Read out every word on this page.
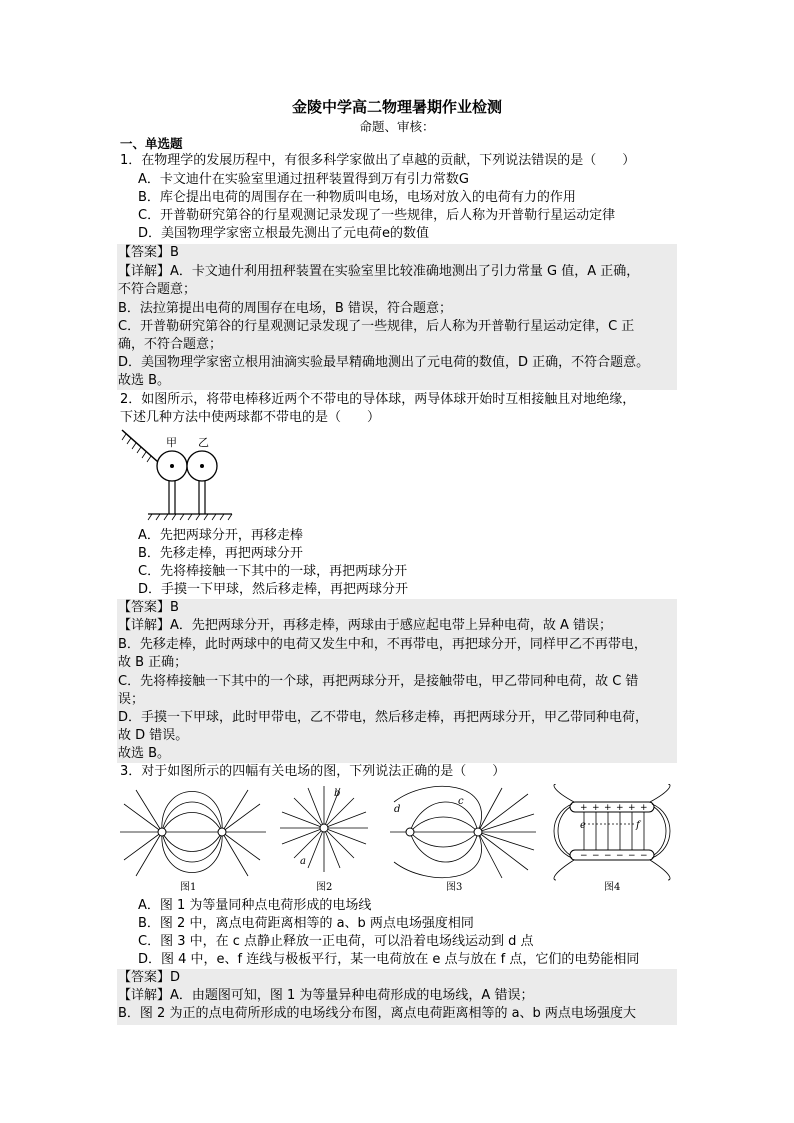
金陵中学高二物理暑期作业检测
命题、审核：
一、单选题
1．在物理学的发展历程中，有很多科学家做出了卓越的贡献，下列说法错误的是（　　）
A．卡文迪什在实验室里通过扭秤装置得到万有引力常数G
B．库仑提出电荷的周围存在一种物质叫电场，电场对放入的电荷有力的作用
C．开普勒研究第谷的行星观测记录发现了一些规律，后人称为开普勒行星运动定律
D．美国物理学家密立根最先测出了元电荷e的数值
【答案】B
【详解】A．卡文迪什利用扭秤装置在实验室里比较准确地测出了引力常量 G 值，A 正确，
不符合题意；
B．法拉第提出电荷的周围存在电场，B 错误，符合题意；
C．开普勒研究第谷的行星观测记录发现了一些规律，后人称为开普勒行星运动定律，C 正
确，不符合题意；
D．美国物理学家密立根用油滴实验最早精确地测出了元电荷的数值，D 正确，不符合题意。
故选 B。
2．如图所示，将带电棒移近两个不带电的导体球，两导体球开始时互相接触且对地绝缘，
下述几种方法中使两球都不带电的是（　　）
甲 乙
A．先把两球分开，再移走棒
B．先移走棒，再把两球分开
C．先将棒接触一下其中的一球，再把两球分开
D．手摸一下甲球，然后移走棒，再把两球分开
【答案】B
【详解】A．先把两球分开，再移走棒，两球由于感应起电带上异种电荷，故 A 错误；
B．先移走棒，此时两球中的电荷又发生中和，不再带电，再把球分开，同样甲乙不再带电，
故 B 正确；
C．先将棒接触一下其中的一个球，再把两球分开，是接触带电，甲乙带同种电荷，故 C 错
误；
D．手摸一下甲球，此时甲带电，乙不带电，然后移走棒，再把两球分开，甲乙带同种电荷，
故 D 错误。
故选 B。
3．对于如图所示的四幅有关电场的图，下列说法正确的是（　　）
图1
b
a
图2
c
d
图3
+ + + + + +
− − − − − −
e	f
图4
A．图 1 为等量同种点电荷形成的电场线
B．图 2 中，离点电荷距离相等的 a、b 两点电场强度相同
C．图 3 中，在 c 点静止释放一正电荷，可以沿着电场线运动到 d 点
D．图 4 中，e、f 连线与极板平行，某一电荷放在 e 点与放在 f 点，它们的电势能相同
【答案】D
【详解】A．由题图可知，图 1 为等量异种电荷形成的电场线，A 错误；
B．图 2 为正的点电荷所形成的电场线分布图，离点电荷距离相等的 a、b 两点电场强度大
